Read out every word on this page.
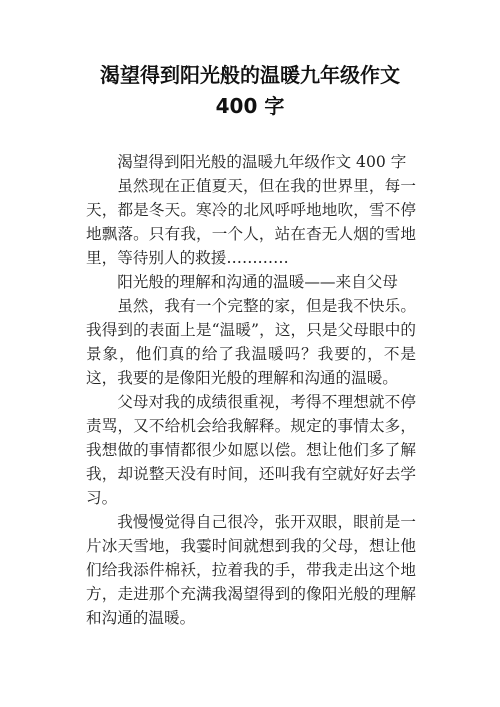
渴望得到阳光般的温暖九年级作文
400 字

渴望得到阳光般的温暖九年级作文 400 字

虽然现在正值夏天，但在我的世界里，每一天，都是冬天。寒冷的北风呼呼地地吹，雪不停地飘落。只有我，一个人，站在杳无人烟的雪地里，等待别人的救援…………

阳光般的理解和沟通的温暖——来自父母

虽然，我有一个完整的家，但是我不快乐。我得到的表面上是“温暖”，这，只是父母眼中的景象，他们真的给了我温暖吗？我要的，不是这，我要的是像阳光般的理解和沟通的温暖。

父母对我的成绩很重视，考得不理想就不停责骂，又不给机会给我解释。规定的事情太多，我想做的事情都很少如愿以偿。想让他们多了解我，却说整天没有时间，还叫我有空就好好去学习。

我慢慢觉得自己很冷，张开双眼，眼前是一片冰天雪地，我霎时间就想到我的父母，想让他们给我添件棉袄，拉着我的手，带我走出这个地方，走进那个充满我渴望得到的像阳光般的理解和沟通的温暖。
